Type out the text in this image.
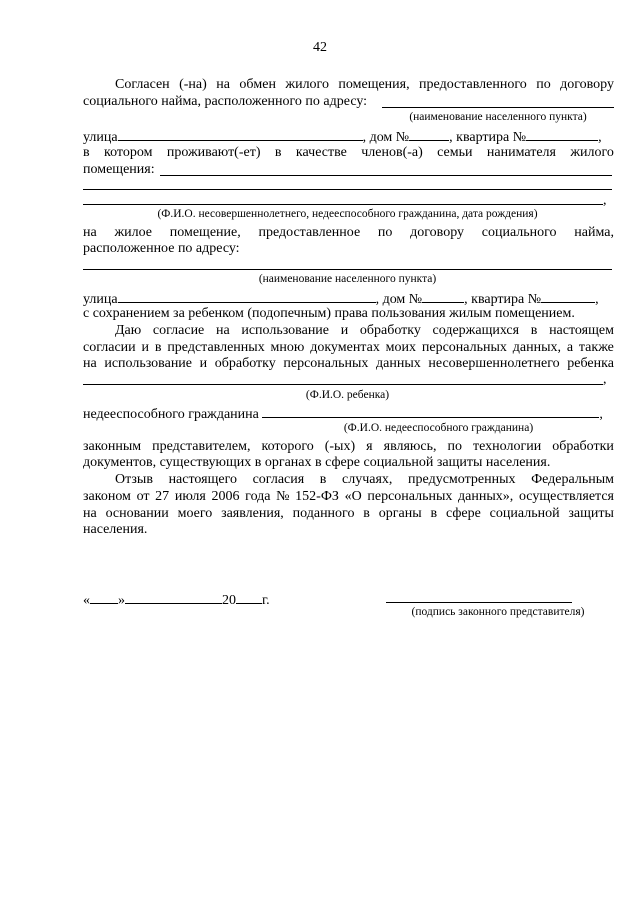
42
Согласен (-на) на обмен жилого помещения, предоставленного по договору
социального найма, расположенного по адресу:
(наименование населенного пункта)
улица	, дом №	, квартира №	,
в котором проживают(-ет) в качестве членов(-а) семьи нанимателя жилого
помещения:
,
(Ф.И.О. несовершеннолетнего, недееспособного гражданина, дата рождения)
на жилое помещение, предоставленное по договору социального найма,
расположенное по адресу:
(наименование населенного пункта)
улица	, дом №	, квартира №	,
с сохранением за ребенком (подопечным) права пользования жилым помещением.
Даю согласие на использование и обработку содержащихся в настоящем
согласии и в представленных мною документах моих персональных данных, а также
на использование и обработку персональных данных несовершеннолетнего ребенка
,
(Ф.И.О. ребенка)
недееспособного гражданина	,
(Ф.И.О. недееспособного гражданина)
законным представителем, которого (-ых) я являюсь, по технологии обработки
документов, существующих в органах в сфере социальной защиты населения.
Отзыв настоящего согласия в случаях, предусмотренных Федеральным
законом от 27 июля 2006 года № 152-ФЗ «О персональных данных», осуществляется
на основании моего заявления, поданного в органы в сфере социальной защиты
населения.
« »	20 г.
(подпись законного представителя)
